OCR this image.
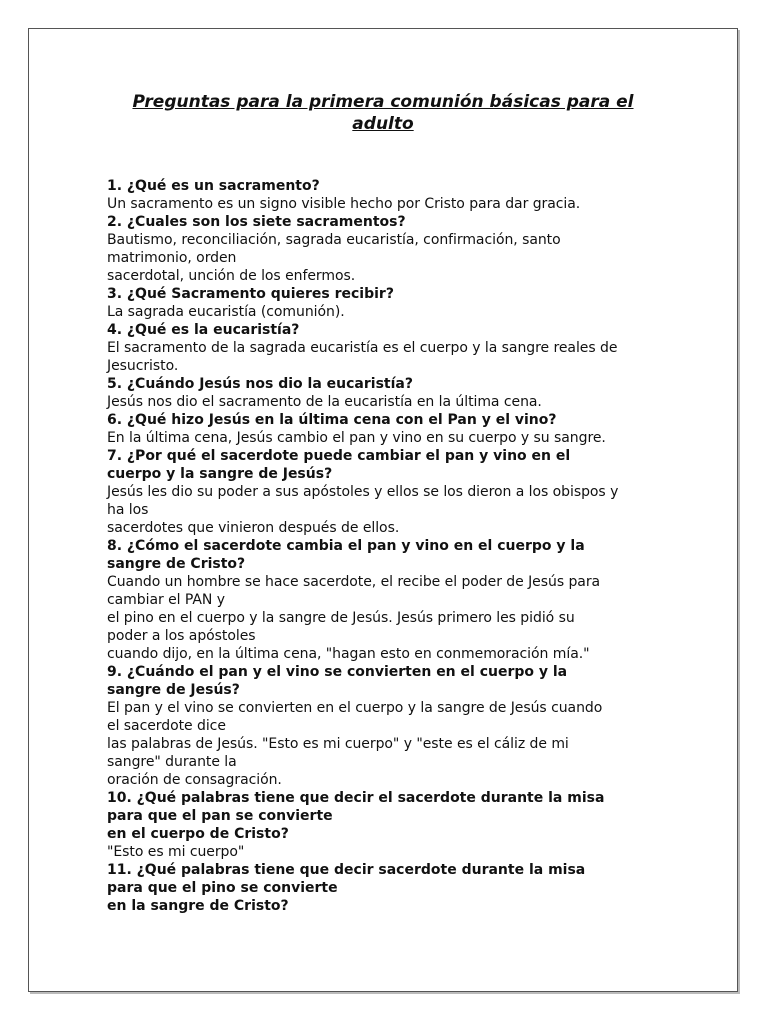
Preguntas para la primera comunión básicas para el
adulto

1. ¿Qué es un sacramento?

Un sacramento es un signo visible hecho por Cristo para dar gracia.

2. ¿Cuales son los siete sacramentos?

Bautismo, reconciliación, sagrada eucaristía, confirmación, santo

matrimonio, orden

sacerdotal, unción de los enfermos.

3. ¿Qué Sacramento quieres recibir?

La sagrada eucaristía (comunión).

4. ¿Qué es la eucaristía?

El sacramento de la sagrada eucaristía es el cuerpo y la sangre reales de

Jesucristo.

5. ¿Cuándo Jesús nos dio la eucaristía?

Jesús nos dio el sacramento de la eucaristía en la última cena.

6. ¿Qué hizo Jesús en la última cena con el Pan y el vino?

En la última cena, Jesús cambio el pan y vino en su cuerpo y su sangre.

7. ¿Por qué el sacerdote puede cambiar el pan y vino en el

cuerpo y la sangre de Jesús?

Jesús les dio su poder a sus apóstoles y ellos se los dieron a los obispos y

ha los

sacerdotes que vinieron después de ellos.

8. ¿Cómo el sacerdote cambia el pan y vino en el cuerpo y la

sangre de Cristo?

Cuando un hombre se hace sacerdote, el recibe el poder de Jesús para

cambiar el PAN y

el pino en el cuerpo y la sangre de Jesús. Jesús primero les pidió su

poder a los apóstoles

cuando dijo, en la última cena, "hagan esto en conmemoración mía."

9. ¿Cuándo el pan y el vino se convierten en el cuerpo y la

sangre de Jesús?

El pan y el vino se convierten en el cuerpo y la sangre de Jesús cuando

el sacerdote dice

las palabras de Jesús. "Esto es mi cuerpo" y "este es el cáliz de mi

sangre" durante la

oración de consagración.

10. ¿Qué palabras tiene que decir el sacerdote durante la misa

para que el pan se convierte

en el cuerpo de Cristo?

"Esto es mi cuerpo"

11. ¿Qué palabras tiene que decir sacerdote durante la misa

para que el pino se convierte

en la sangre de Cristo?
